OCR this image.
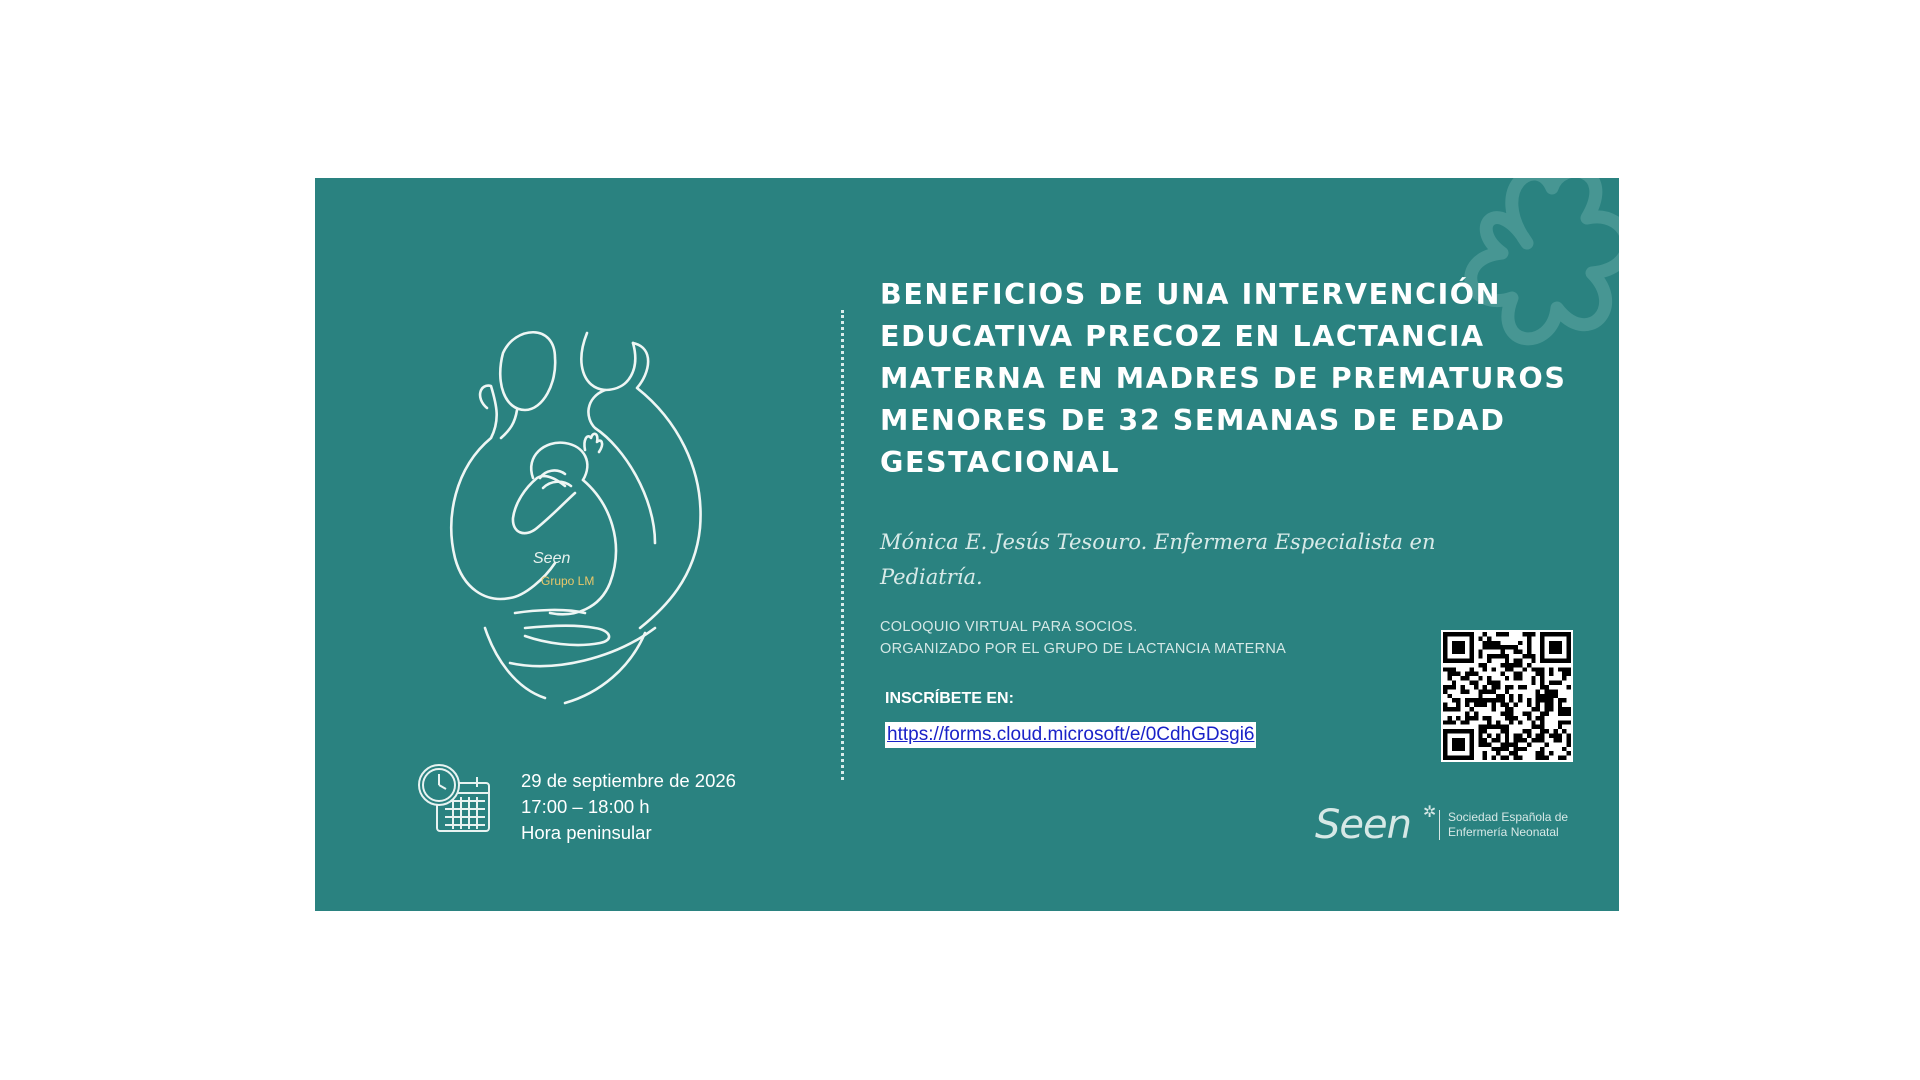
Seen
Grupo LM
BENEFICIOS DE UNA INTERVENCIÓN EDUCATIVA PRECOZ EN LACTANCIA MATERNA EN MADRES DE PREMATUROS MENORES DE 32 SEMANAS DE EDAD GESTACIONAL

Mónica E. Jesús Tesouro. Enfermera Especialista en Pediatría.

COLOQUIO VIRTUAL PARA SOCIOS.
ORGANIZADO POR EL GRUPO DE LACTANCIA MATERNA
INSCRÍBETE EN:
https://forms.cloud.microsoft/e/0CdhGDsgi6
29 de septiembre de 2026
17:00 – 18:00 h
Hora peninsular	Seen ✲ Sociedad Española de
Enfermería Neonatal
